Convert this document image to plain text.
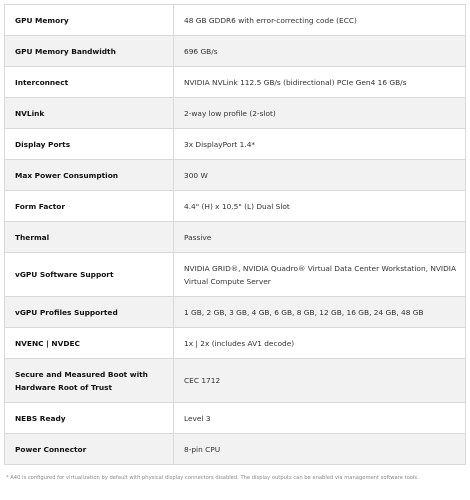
GPU Memory	48 GB GDDR6 with error-correcting code (ECC)
GPU Memory Bandwidth	696 GB/s
Interconnect	NVIDIA NVLink 112.5 GB/s (bidirectional) PCIe Gen4 16 GB/s
NVLink	2-way low profile (2-slot)
Display Ports	3x DisplayPort 1.4*
Max Power Consumption	300 W
Form Factor	4.4" (H) x 10.5" (L) Dual Slot
Thermal	Passive
vGPU Software Support	NVIDIA GRID®, NVIDIA Quadro® Virtual Data Center Workstation, NVIDIA Virtual Compute Server
vGPU Profiles Supported	1 GB, 2 GB, 3 GB, 4 GB, 6 GB, 8 GB, 12 GB, 16 GB, 24 GB, 48 GB
NVENC | NVDEC	1x | 2x (includes AV1 decode)
Secure and Measured Boot with Hardware Root of Trust	CEC 1712
NEBS Ready	Level 3
Power Connector	8-pin CPU
* A40 is configured for virtualization by default with physical display connectors disabled. The display outputs can be enabled via management software tools.
